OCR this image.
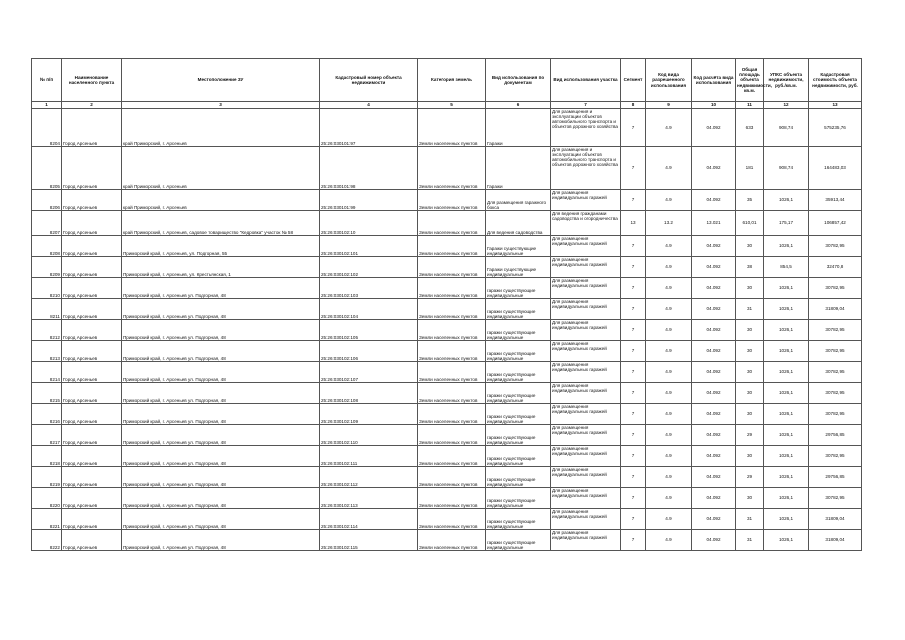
№ п/п	Наименование населенного пункта	Местоположение ЗУ	Кадастровый номер объекта недвижимости	Категория земель	Вид использования по документам	Вид использования участка	Сегмент	Код вида разрешенного использования	Код расчёта вида использования	Общая площадь объекта недвижимости, кв.м.	УПКС объекта недвижимости, руб./кв.м.	Кадастровая стоимость объекта недвижимости, руб.
1	2	3	4	5	6	7	8	9	10	11	12	13
8204	Город Арсеньев	край Приморский, г. Арсеньев	25:26:030101:97	Земли населенных пунктов	Гаражи	Для размещения и эксплуатации объектов автомобильного транспорта и объектов дорожного хозяйства	7	4.9	04.092	633	908,74	575235,76
8205	Город Арсеньев	край Приморский, г. Арсеньев	25:26:030101:98	Земли населенных пунктов	Гаражи	Для размещения и эксплуатации объектов автомобильного транспорта и объектов дорожного хозяйства	7	4.9	04.092	181	908,74	164483,03
8206	Город Арсеньев	край Приморский, г. Арсеньев	25:26:030101:99	Земли населенных пунктов	Для размещения гаражного бокса	Для размещения индивидуальных гаражей	7	4.9	04.092	35	1026,1	35913,44
8207	Город Арсеньев	край Приморский, г. Арсеньев, садовое товарищество "Кедровка" участок № 58	25:26:030102:10	Земли населенных пунктов	Для ведения садоводства	Для ведения гражданами садоводства и огородничества	13	13.2	13.021	610,01	175,17	106857,42
8208	Город Арсеньев	Приморский край, г. Арсеньев, ул. Подгорная, 55	25:26:030102:101	Земли населенных пунктов	Гаражи существующие индивидуальные	Для размещения индивидуальных гаражей	7	4.9	04.092	30	1026,1	30782,95
8209	Город Арсеньев	Приморский край, г. Арсеньев, ул. Крестьянская, 1	25:26:030102:102	Земли населенных пунктов	Гаражи существующие индивидуальные	Для размещения индивидуальных гаражей	7	4.9	04.092	38	854,5	32470,8
8210	Город Арсеньев	Приморский край, г. Арсеньев ул. Подгорная, 48	25:26:030102:103	Земли населенных пунктов	гаражи существующие индивидуальные	Для размещения индивидуальных гаражей	7	4.9	04.092	30	1026,1	30782,95
8211	Город Арсеньев	Приморский край, г. Арсеньев ул. Подгорная, 48	25:26:030102:104	Земли населенных пунктов	гаражи существующие индивидуальные	Для размещения индивидуальных гаражей	7	4.9	04.092	31	1026,1	31809,04
8212	Город Арсеньев	Приморский край, г. Арсеньев ул. Подгорная, 48	25:26:030102:105	Земли населенных пунктов	гаражи существующие индивидуальные	Для размещения индивидуальных гаражей	7	4.9	04.092	30	1026,1	30782,95
8213	Город Арсеньев	Приморский край, г. Арсеньев ул. Подгорная, 48	25:26:030102:106	Земли населенных пунктов	гаражи существующие индивидуальные	Для размещения индивидуальных гаражей	7	4.9	04.092	30	1026,1	30782,95
8214	Город Арсеньев	Приморский край, г. Арсеньев ул. Подгорная, 48	25:26:030102:107	Земли населенных пунктов	гаражи существующие индивидуальные	Для размещения индивидуальных гаражей	7	4.9	04.092	30	1026,1	30782,95
8215	Город Арсеньев	Приморский край, г. Арсеньев ул. Подгорная, 48	25:26:030102:108	Земли населенных пунктов	гаражи существующие индивидуальные	Для размещения индивидуальных гаражей	7	4.9	04.092	30	1026,1	30782,95
8216	Город Арсеньев	Приморский край, г. Арсеньев ул. Подгорная, 48	25:26:030102:109	Земли населенных пунктов	гаражи существующие индивидуальные	Для размещения индивидуальных гаражей	7	4.9	04.092	30	1026,1	30782,95
8217	Город Арсеньев	Приморский край, г. Арсеньев ул. Подгорная, 48	25:26:030102:110	Земли населенных пунктов	гаражи существующие индивидуальные	Для размещения индивидуальных гаражей	7	4.9	04.092	29	1026,1	29756,85
8218	Город Арсеньев	Приморский край, г. Арсеньев ул. Подгорная, 48	25:26:030102:111	Земли населенных пунктов	гаражи существующие индивидуальные	Для размещения индивидуальных гаражей	7	4.9	04.092	30	1026,1	30782,95
8219	Город Арсеньев	Приморский край, г. Арсеньев ул. Подгорная, 48	25:26:030102:112	Земли населенных пунктов	гаражи существующие индивидуальные	Для размещения индивидуальных гаражей	7	4.9	04.092	29	1026,1	29756,85
8220	Город Арсеньев	Приморский край, г. Арсеньев ул. Подгорная, 48	25:26:030102:113	Земли населенных пунктов	гаражи существующие индивидуальные	Для размещения индивидуальных гаражей	7	4.9	04.092	30	1026,1	30782,95
8221	Город Арсеньев	Приморский край, г. Арсеньев ул. Подгорная, 48	25:26:030102:114	Земли населенных пунктов	гаражи существующие индивидуальные	Для размещения индивидуальных гаражей	7	4.9	04.092	31	1026,1	31809,04
8222	Город Арсеньев	Приморский край, г. Арсеньев ул. Подгорная, 48	25:26:030102:115	Земли населенных пунктов	гаражи существующие индивидуальные	Для размещения индивидуальных гаражей	7	4.9	04.092	31	1026,1	31809,04
